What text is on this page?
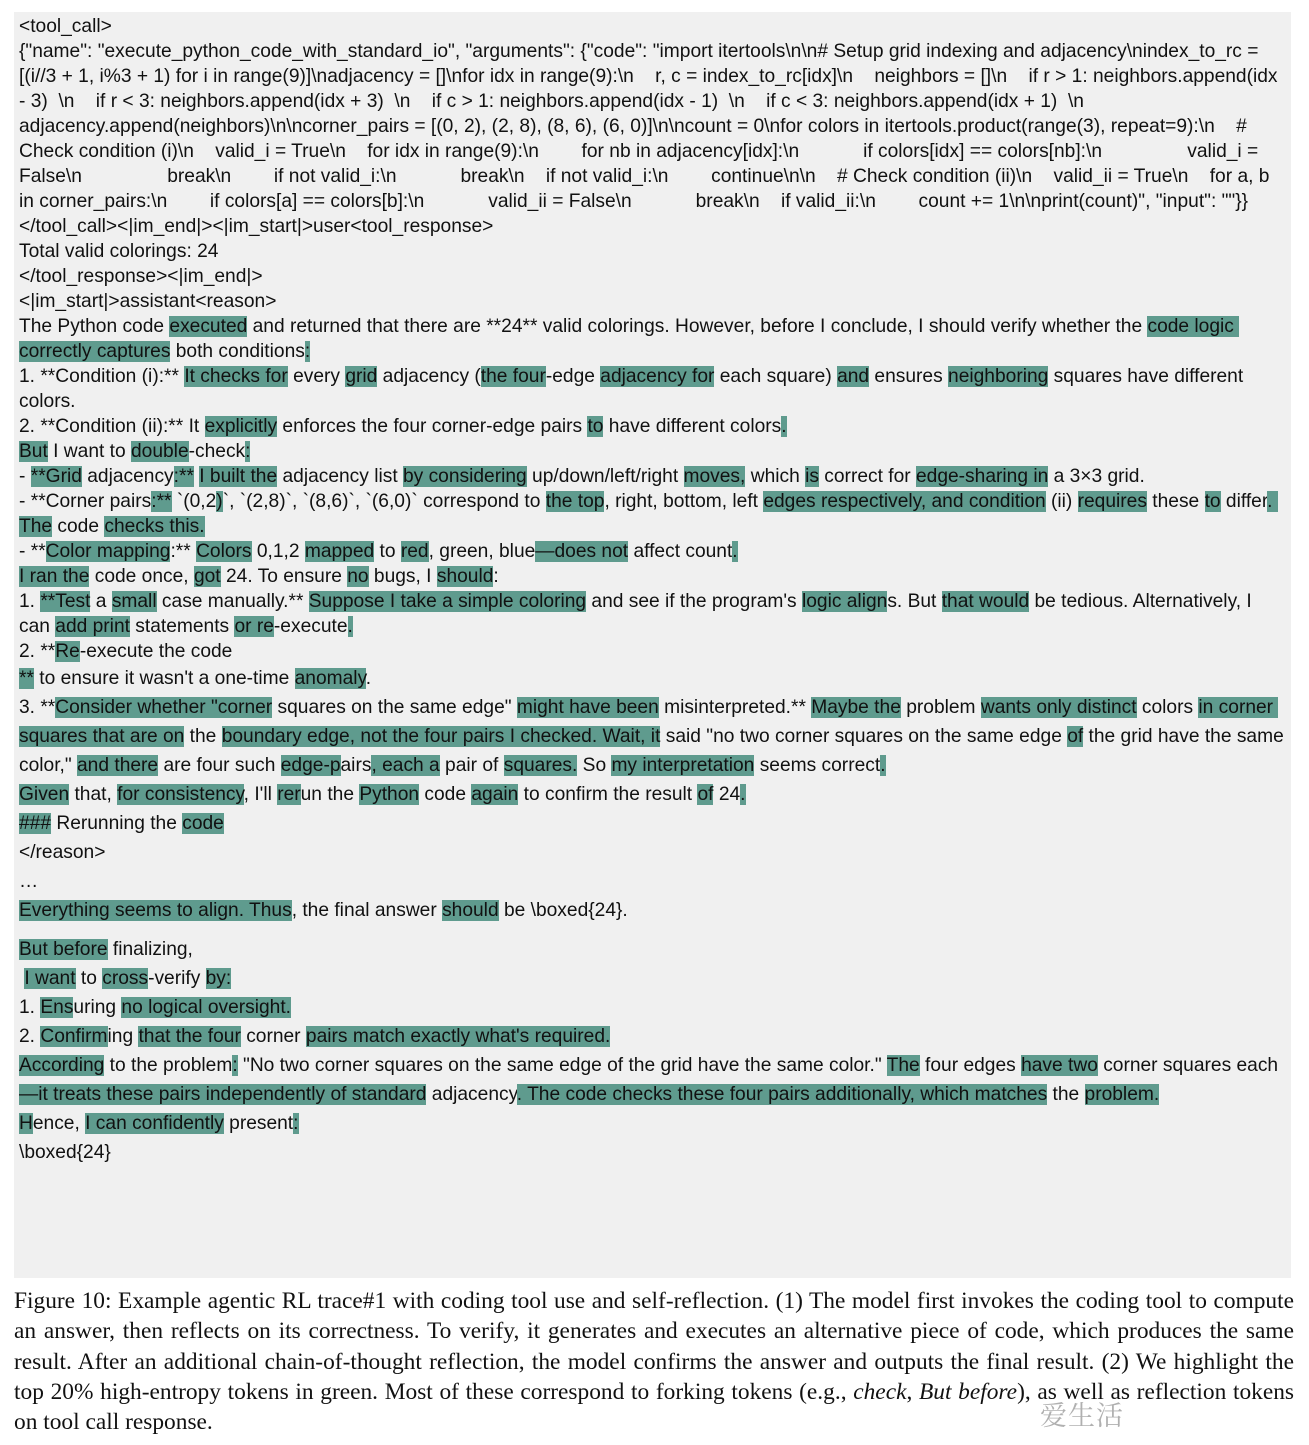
<tool_call>
{"name": "execute_python_code_with_standard_io", "arguments": {"code": "import itertools\n\n# Setup grid indexing and adjacency\nindex_to_rc = [(i//3 + 1, i%3 + 1) for i in range(9)]\nadjacency = []\nfor idx in range(9):\n    r, c = index_to_rc[idx]\n    neighbors = []\n    if r > 1: neighbors.append(idx - 3)  \n    if r < 3: neighbors.append(idx + 3)  \n    if c > 1: neighbors.append(idx - 1)  \n    if c < 3: neighbors.append(idx + 1)  \n    adjacency.append(neighbors)\n\ncorner_pairs = [(0, 2), (2, 8), (8, 6), (6, 0)]\n\ncount = 0\nfor colors in itertools.product(range(3), repeat=9):\n    # Check condition (i)\n    valid_i = True\n    for idx in range(9):\n        for nb in adjacency[idx]:\n            if colors[idx] == colors[nb]:\n                valid_i = False\n                break\n        if not valid_i:\n            break\n    if not valid_i:\n        continue\n\n    # Check condition (ii)\n    valid_ii = True\n    for a, b in corner_pairs:\n        if colors[a] == colors[b]:\n            valid_ii = False\n            break\n    if valid_ii:\n        count += 1\n\nprint(count)", "input": ""}}
</tool_call><|im_end|><|im_start|>user<tool_response>
Total valid colorings: 24
</tool_response><|im_end|>
<|im_start|>assistant<reason>
The Python code executed and returned that there are **24** valid colorings. However, before I conclude, I should verify whether the code logic correctly captures both conditions:
1. **Condition (i):** It checks for every grid adjacency (the four-edge adjacency for each square) and ensures neighboring squares have different colors.
2. **Condition (ii):** It explicitly enforces the four corner-edge pairs to have different colors.
But I want to double-check:
- **Grid adjacency:** I built the adjacency list by considering up/down/left/right moves, which is correct for edge-sharing in a 3×3 grid.
- **Corner pairs:** `(0,2)`, `(2,8)`, `(8,6)`, `(6,0)` correspond to the top, right, bottom, left edges respectively, and condition (ii) requires these to differ. The code checks this.
- **Color mapping:** Colors 0,1,2 mapped to red, green, blue—does not affect count.
I ran the code once, got 24. To ensure no bugs, I should:
1. **Test a small case manually.** Suppose I take a simple coloring and see if the program's logic aligns. But that would be tedious. Alternatively, I can add print statements or re-execute.
2. **Re-execute the code
** to ensure it wasn't a one-time anomaly.
3. **Consider whether "corner squares on the same edge" might have been misinterpreted.** Maybe the problem wants only distinct colors in corner squares that are on the boundary edge, not the four pairs I checked. Wait, it said "no two corner squares on the same edge of the grid have the same color," and there are four such edge-pairs, each a pair of squares. So my interpretation seems correct.
Given that, for consistency, I'll rerun the Python code again to confirm the result of 24.
### Rerunning the code
</reason>
…
Everything seems to align. Thus, the final answer should be \boxed{24}.
But before finalizing,
I want to cross-verify by:
1. Ensuring no logical oversight.
2. Confirming that the four corner pairs match exactly what's required.
According to the problem: "No two corner squares on the same edge of the grid have the same color." The four edges have two corner squares each—it treats these pairs independently of standard adjacency. The code checks these four pairs additionally, which matches the problem.
Hence, I can confidently present:
\boxed{24}
Figure 10: Example agentic RL trace#1 with coding tool use and self-reflection. (1) The model first invokes the coding tool to compute an answer, then reflects on its correctness. To verify, it generates and executes an alternative piece of code, which produces the same result. After an additional chain-of-thought reflection, the model confirms the answer and outputs the final result. (2) We highlight the top 20% high-entropy tokens in green. Most of these correspond to forking tokens (e.g., check, But before), as well as reflection tokens on tool call response.	爱生活
